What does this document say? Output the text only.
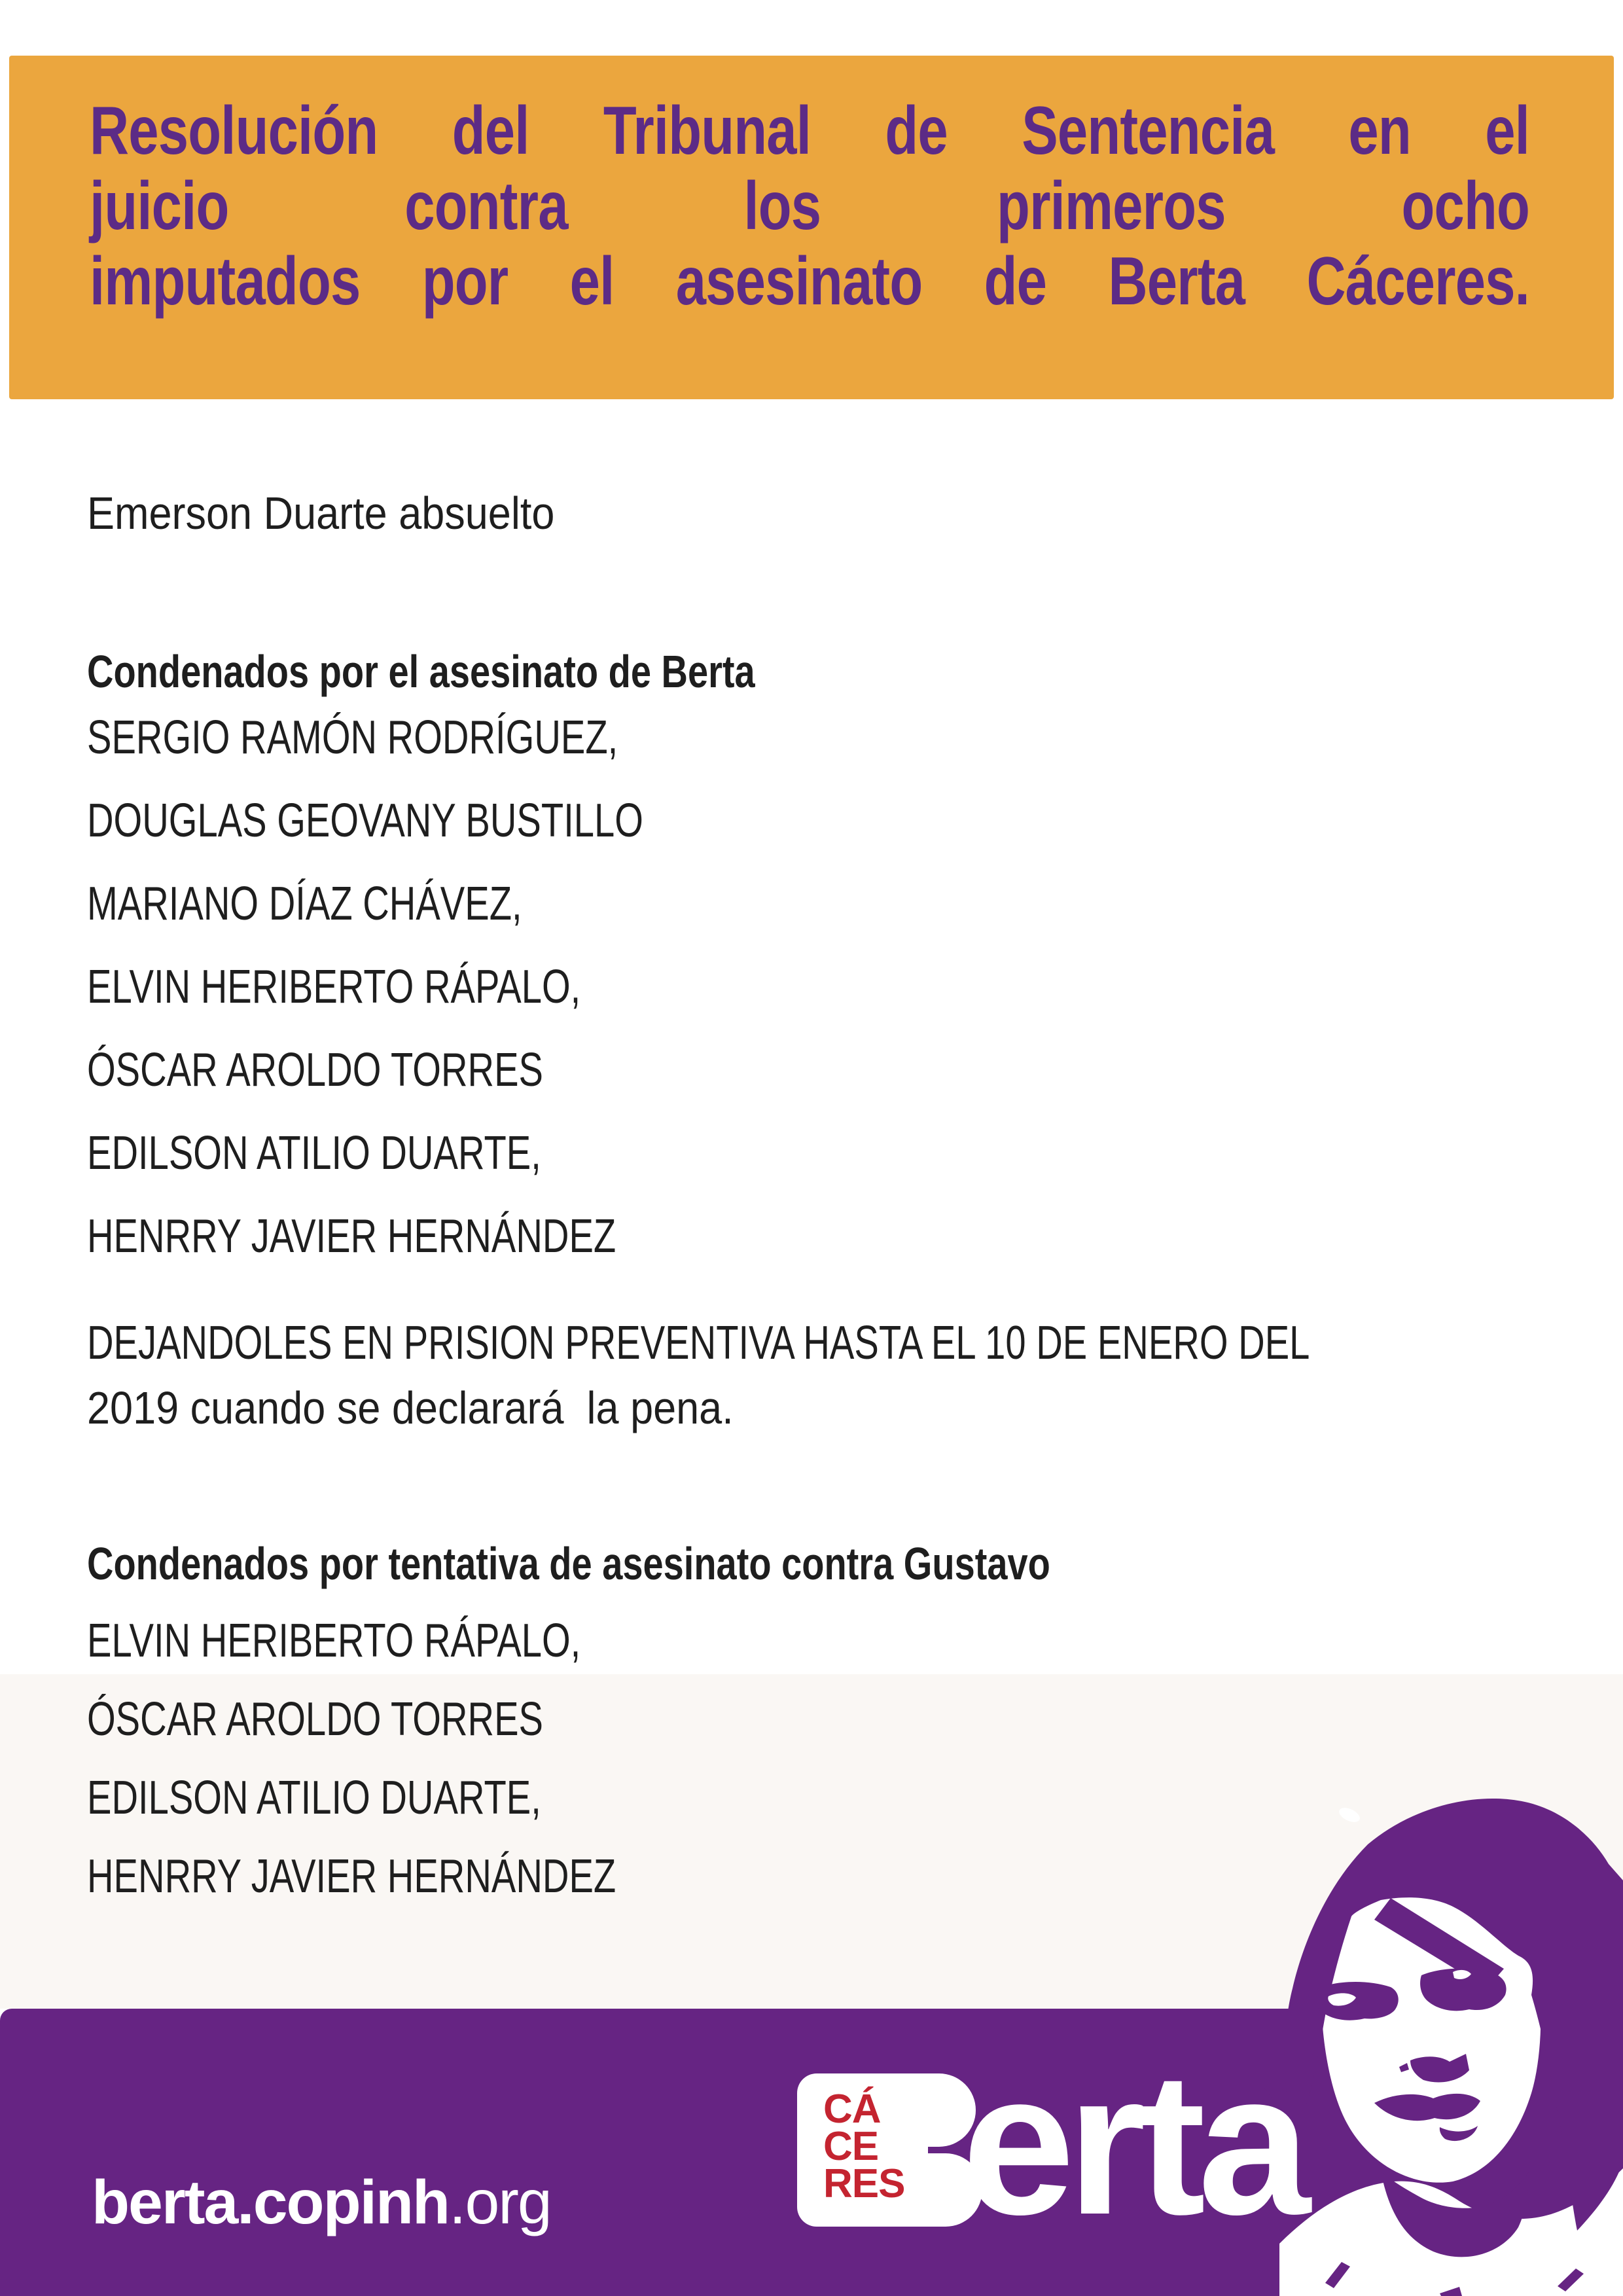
Resolución del Tribunal de Sentencia en el
juicio contra los primeros ocho
imputados por el asesinato de Berta Cáceres.
Emerson Duarte absuelto
Condenados por el asesinato de Berta
SERGIO RAMÓN RODRÍGUEZ,
DOUGLAS GEOVANY BUSTILLO
MARIANO DÍAZ CHÁVEZ,
ELVIN HERIBERTO RÁPALO,
ÓSCAR AROLDO TORRES
EDILSON ATILIO DUARTE,
HENRRY JAVIER HERNÁNDEZ
DEJANDOLES EN PRISION PREVENTIVA HASTA EL 10 DE ENERO DEL
2019 cuando se declarará  la pena.
Condenados por tentativa de asesinato contra Gustavo
ELVIN HERIBERTO RÁPALO,
ÓSCAR AROLDO TORRES
EDILSON ATILIO DUARTE,
HENRRY JAVIER HERNÁNDEZ
berta.copinh.org
CÁ
CE
RES erta
